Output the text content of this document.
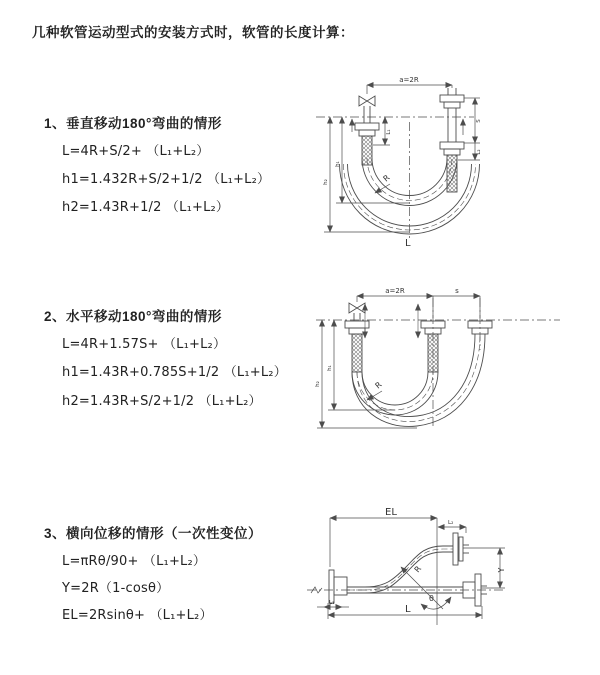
几种软管运动型式的安装方式时，软管的长度计算：
1、垂直移动180°弯曲的情形
L=4R+S/2+ （L₁+L₂）
h1=1.432R+S/2+1/2 （L₁+L₂）
h2=1.43R+1/2 （L₁+L₂）
2、水平移动180°弯曲的情形
L=4R+1.57S+ （L₁+L₂）
h1=1.43R+0.785S+1/2 （L₁+L₂）
h2=1.43R+S/2+1/2 （L₁+L₂）
3、横向位移的情形（一次性变位）
L=πRθ/90+ （L₁+L₂）
Y=2R（1-cosθ）
EL=2Rsinθ+ （L₁+L₂）
a=2R
h₁
h₂
S
L₁
L₂
R
L
a=2R	s
h₁
h₂	R
EL
L₂
Y
R
θ
L
L₁
